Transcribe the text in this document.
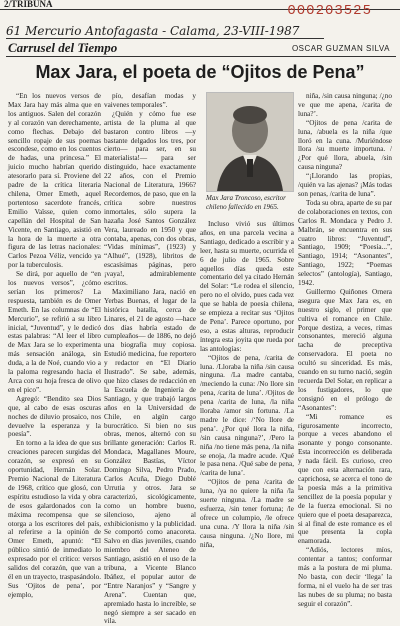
2/TRIBUNA	000203525
61 Mercurio Antofagasta - Calama, 23-VIII-1987
Carrusel del Tiempo	OSCAR GUZMAN SILVA
Max Jara, el poeta de “Ojitos de Pena”

“En los nuevos versos de Max Jara hay más alma que en los antiguos. Salen del corazón y al corazón van derechamente, como flechas. Debajo del sencillo ropaje de sus poemas escondese, como en los cuentos de hadas, una princesa.” El juicio mucho habrían querido atesorarlo para sí. Proviene del padre de la crítica literaria chilena, Omer Emeth, aquel portentoso sacerdote francés, Emilio Vaïsse, quien como capellán del Hospital de San Vicente, en Santiago, asistió en la hora de la muerte a otra figura de las letras nacionales: Carlos Pezoa Véliz, vencido ya por la tuberculosis.

Se dirá, por aquello de “en los nuevos versos”, ¿cómo serían los primeros? La respuesta, también es de Omer Emeth. En las columnas de “El Mercurio”, se refirió a su libro inicial, “Juventud”, y le dedicó estas palabras: “Al leer el libro de Max Jara se lo experimenta más sensación análoga, sin duda, a la de Noé, cuando vio a la paloma regresando hacia el Arca con su hoja fresca de olivo en el pico”.

Agregó: “Bendito sea Dios que, al cabo de esas oscuras noches de diluvio prosaico, nos devuelve la esperanza y la poesía”.

En torno a la idea de que sus creaciones parecen surgidas del corazón, se expresó en su oportunidad, Hernán Solar. Premio Nacional de Literatura de 1968, crítico que glosó, con espíritu estudioso la vida y obra de esos galardonados con la máxima recompensa que se otorga a los escritores del país, al referirse a la opinión de Omer Emeth, apuntó: “El público sintió de inmediato lo expresado por el crítico: versos salidos del corazón, que van a él en un trayecto, traspasándolo. Sus ‘Ojitos de pena’, por ejemplo,

pío, desafían modas y vaivenes temporales”.

¿Quién y cómo fue ese artista de la pluma al que bastaron contro libros —y bastante delgados los tres, por cierto— para ser, en su materialista!— para ser distinguido, hace exactamente 22 años, con el Premio Nacional de Literatura, 1966? Recordemos, de paso, que en la crítica sobre nuestros inmortales, sólo supera la hazaña José Santos González Vera, laureado en 1950 y que contaba, apenas, con dos obras, “Vidas mínimas”, (1923) y “Alhué”, (1928), libritos de escasísimas páginas, pero ¡vaya!, admirablemente escritos.

Maximiliano Jara, nació en Yerbas Buenas, el lugar de la histórica batalla, cerca de Linares, el 21 de agosto —hace dos días habría estado de cumpleaños— de 1886, no dejó una biografía muy copiosa. Estudió medicina, fue reportero y redactor en “El Diario Ilustrado”. Se sabe, además, que hizo clases de redacción en la Escuela de Ingeniería de Santiago, y que trabajó largos años en la Universidad de Chile, en algún cargo burocrático. Si bien no sus obras, menos, alternó con su brillante generación: Carlos R. Mondaca, Magallanes Moure, González Bastías, Víctor Domingo Silva, Pedro Prado, Carlos Acuña, Diego Dublé Urrutia y otros. Jara se caracterizó, sicológicamente, como un hombre bueno, silencioso, ajeno al exhibicionismo y la publicidad. Se comportó como anacoreta. Salvo en días juveniles, cuando miembro del Ateneo de Santiago, asistió en el uso de la tribuna, a Vicente Blanco Ibáñez, el popular autor de “Entre Naranjos” y “Sangre y Arena”. Cuentan que, apremiado hasta lo increíble, se negó siempre a ser sacado en vila.

Max Jara Troncoso, escritor chileno fallecido en 1965.

Incluso vivió sus últimos años, en una parcela vecina a Santiago, dedicado a escribir y a leer, hasta su muerte, ocurrida el 6 de julio de 1965. Sobre aquellos días queda este comentario del ya citado Hernán del Solar: “Le rodea el silencio, pero no el olvido, pues cada vez que se habla de poesía chilena, se empieza a recitar sus ‘Ojitos de Pena’. Parece oportuno, por eso, a estas alturas, reproducir íntegra esta joyita que rueda por las antologías:

“Ojitos de pena, /carita de luna. /Lloraba la niña /sin causa ninguna. /La madre cantaba, /meciendo la cuna: /No llore sin pena, /carita de luna’. /Ojitos de pena /carita de luna, /la niña lloraba /amor sin fortuna. /La madre le dice: /‘No llore de pena’. ¿Por qué llora la niña, /sin causa ninguna?’, /Pero la niña /no tiene más pena, /la niña se enoja, /la madre acude. /Qué le pasa nena. /Qué sabe de pena, /carita de luna’.

“Ojitos de pena /carita de luna, /ya no quiere la niña /la suerte ninguna. /La madre se esfuerza, /sin tener fortuna; /le ofrece un columpio, /le ofrece una cuna. /Y llora la niña /sin causa ninguna. /¿No llore, mi niña,

niña, /sin causa ninguna; /¿no ve que me apena, /carita de luna?’.

“Ojitos de pena /carita de luna, /abuela es la niña /que lloró en la cuna. /Muriéndose llora /su muerte importuna. /¿Por qué llora, abuela, /sin causa ninguna?

“¡Llorando las propias, /quién va las ajenas? ¡Más todas son penas, /carita de luna”.

Toda su obra, aparte de su par de colaboraciones en textos, con Carlos R. Mondaca y Pedro J. Malbrán, se encuentra en sus cuatro libros: “Juventud”, Santiago, 1909; “Poesía...”, Santiago, 1914; “Asonantes”, Santiago, 1922; “Poemas selectos” (antología), Santiago, 1942.

Guillermo Quiñones Ornera asegura que Max Jara es, en nuestro siglo, el primer que cultiva el romance en Chile. Porque destiza, a veces, rimas consonantes, mereció alguna tacha de preceptiva conservadora. El poeta no ocultó su sinceridad. Es más, cuando en su turno nació, según recuerda Del Solar, en replicar a los fustigadores, lo que consignó en el prólogo de “Asonantes”:

“Mi romance es rigurosamente incorrecto, porque a veces abandono el asonante y pongo consonante. Esta incorrección es deliberada y nada fácil. Es curioso, creo que con esta alternación rara, caprichosa, se acerca el tono de la poesía más a la primitiva sencillez de la poesía popular y de la fuerza emocional. Si no quiero que el poeta desaparezca, si al final de este romance es el que presenta la copla enamorada.

“Adiós, lectores míos, contentar a tantos; conformar más a la postura de mi pluma. No basta, con decir ‘llega’ la forma, ni el vuelo ha de ser tras las nubes de su pluma; no basta seguir el corazón”.
